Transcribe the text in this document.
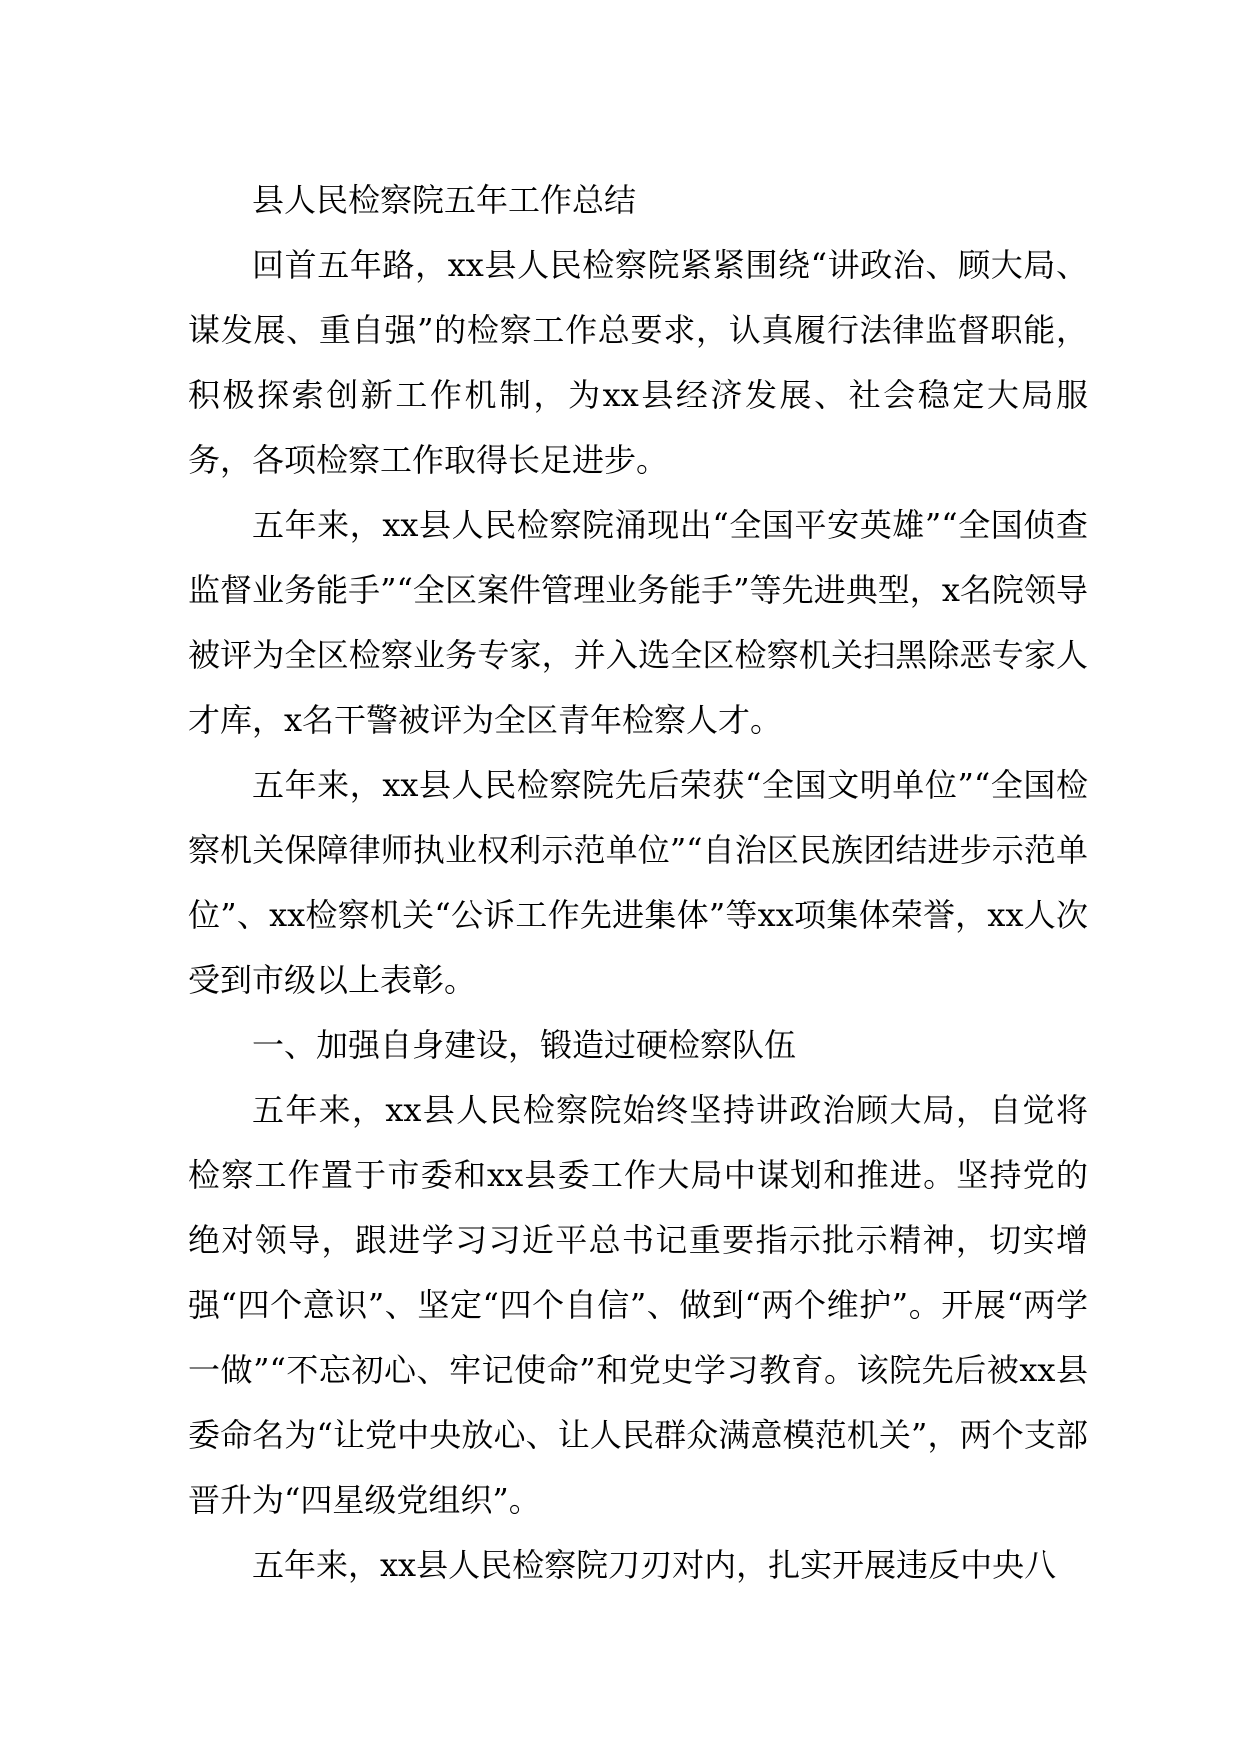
县人民检察院五年工作总结

回首五年路，xx县人民检察院紧紧围绕“讲政治、顾大局、谋发展、重自强”的检察工作总要求，认真履行法律监督职能，积极探索创新工作机制，为xx县经济发展、社会稳定大局服务，各项检察工作取得长足进步。

五年来，xx县人民检察院涌现出“全国平安英雄”“全国侦查监督业务能手”“全区案件管理业务能手”等先进典型，x名院领导被评为全区检察业务专家，并入选全区检察机关扫黑除恶专家人才库，x名干警被评为全区青年检察人才。

五年来，xx县人民检察院先后荣获“全国文明单位”“全国检察机关保障律师执业权利示范单位”“自治区民族团结进步示范单位”、xx检察机关“公诉工作先进集体”等xx项集体荣誉，xx人次受到市级以上表彰。

一、加强自身建设，锻造过硬检察队伍

五年来，xx县人民检察院始终坚持讲政治顾大局，自觉将检察工作置于市委和xx县委工作大局中谋划和推进。坚持党的绝对领导，跟进学习习近平总书记重要指示批示精神，切实增强“四个意识”、坚定“四个自信”、做到“两个维护”。开展“两学一做”“不忘初心、牢记使命”和党史学习教育。该院先后被xx县委命名为“让党中央放心、让人民群众满意模范机关”，两个支部晋升为“四星级党组织”。

五年来，xx县人民检察院刀刃对内，扎实开展违反中央八
